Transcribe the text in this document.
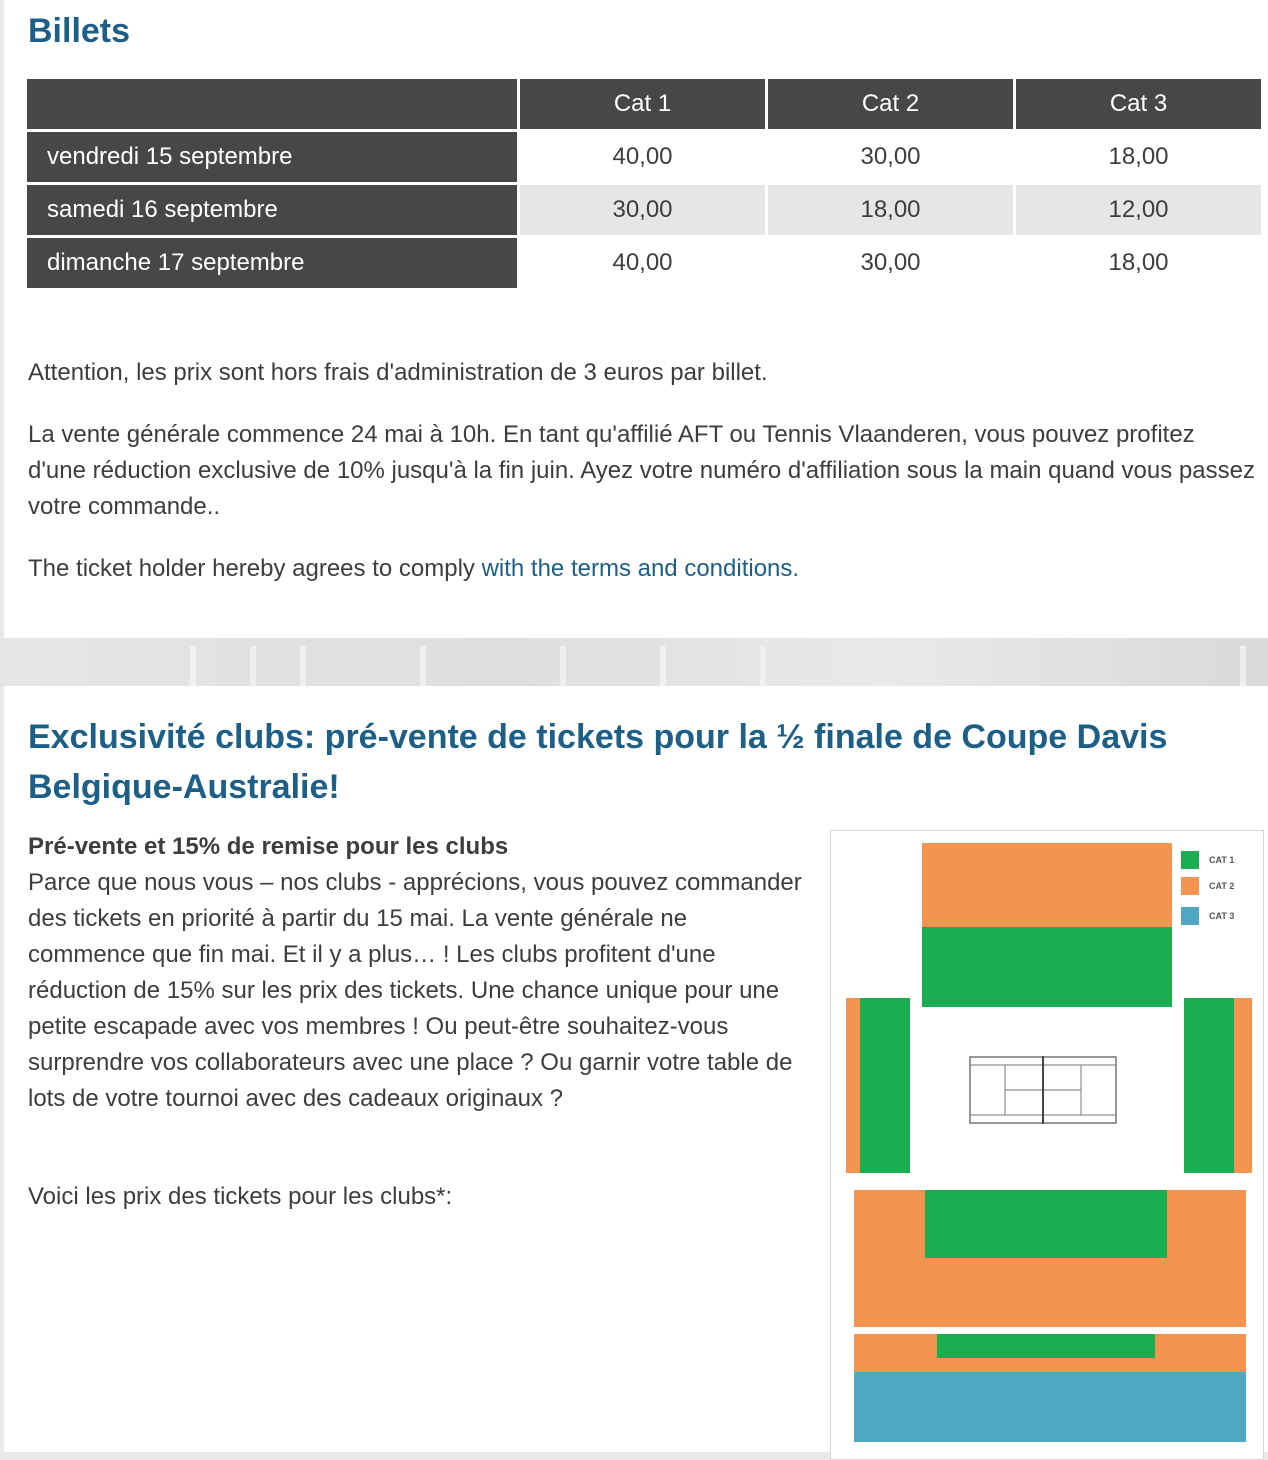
Billets
	Cat 1	Cat 2	Cat 3
vendredi 15 septembre	40,00	30,00	18,00
samedi 16 septembre	30,00	18,00	12,00
dimanche 17 septembre	40,00	30,00	18,00

Attention, les prix sont hors frais d'administration de 3 euros par billet.

La vente générale commence 24 mai à 10h. En tant qu'affilié AFT ou Tennis Vlaanderen, vous pouvez profitez d'une réduction exclusive de 10% jusqu'à la fin juin. Ayez votre numéro d'affiliation sous la main quand vous passez votre commande..

The ticket holder hereby agrees to comply with the terms and conditions.

Exclusivité clubs: pré-vente de tickets pour la ½ finale de Coupe Davis Belgique-Australie!
Pré-vente et 15% de remise pour les clubs
Parce que nous vous – nos clubs - apprécions, vous pouvez commander des tickets en priorité à partir du 15 mai. La vente générale ne commence que fin mai. Et il y a plus… ! Les clubs profitent d'une réduction de 15% sur les prix des tickets. Une chance unique pour une petite escapade avec vos membres ! Ou peut-être souhaitez-vous surprendre vos collaborateurs avec une place ? Ou garnir votre table de lots de votre tournoi avec des cadeaux originaux ?

Voici les prix des tickets pour les clubs*:

CAT 1
CAT 2
CAT 3
